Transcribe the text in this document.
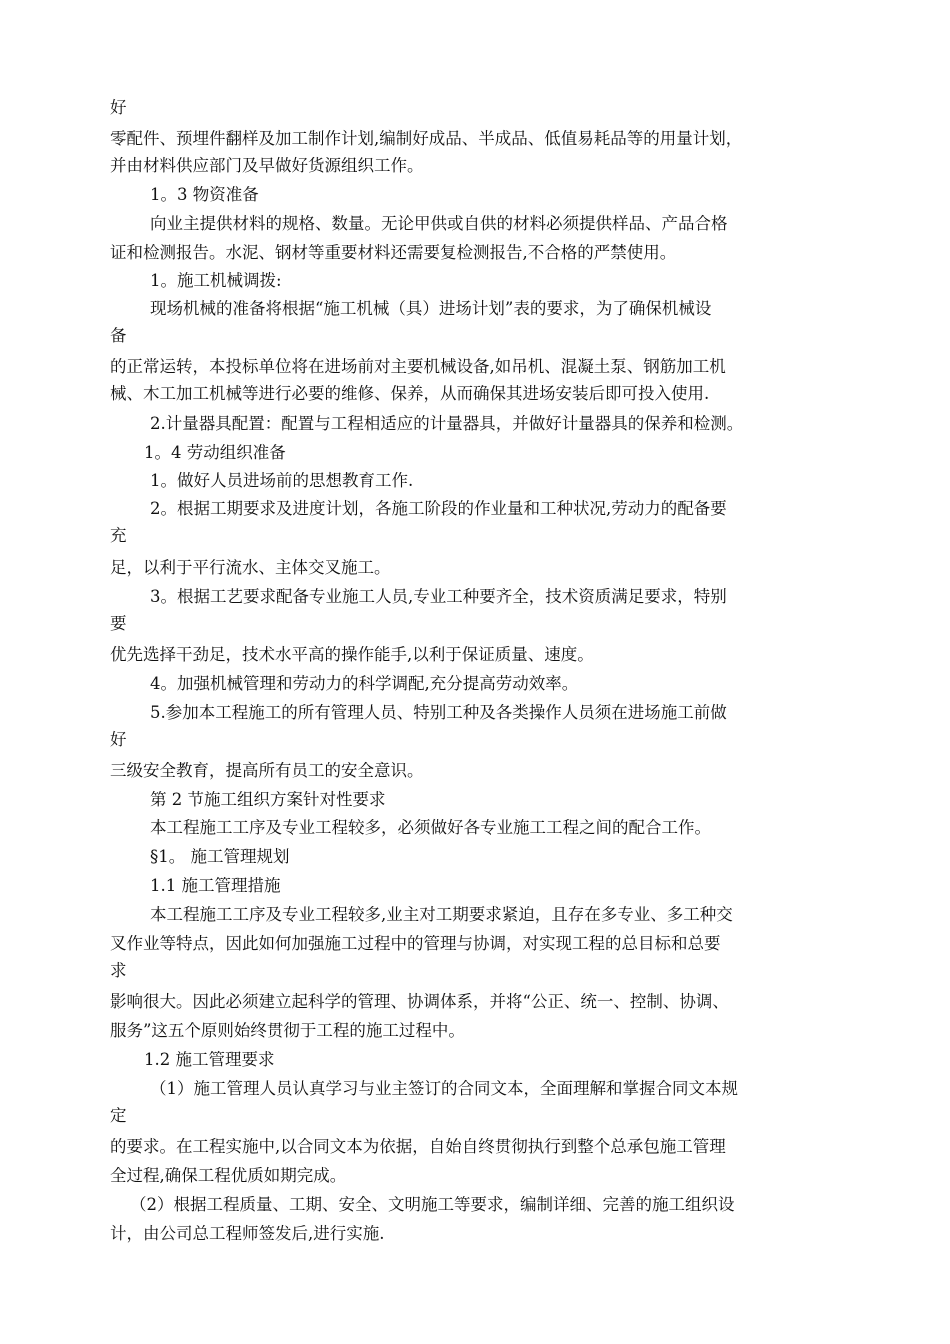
好

零配件、预埋件翻样及加工制作计划,编制好成品、半成品、低值易耗品等的用量计划，

并由材料供应部门及早做好货源组织工作。

1。3 物资准备

向业主提供材料的规格、数量。无论甲供或自供的材料必须提供样品、产品合格

证和检测报告。水泥、钢材等重要材料还需要复检测报告,不合格的严禁使用。

1。施工机械调拨:

现场机械的准备将根据“施工机械（具）进场计划”表的要求，为了确保机械设

备

的正常运转，本投标单位将在进场前对主要机械设备,如吊机、混凝土泵、钢筋加工机

械、木工加工机械等进行必要的维修、保养，从而确保其进场安装后即可投入使用.

2.计量器具配置：配置与工程相适应的计量器具，并做好计量器具的保养和检测。

1。4 劳动组织准备

1。做好人员进场前的思想教育工作.

2。根据工期要求及进度计划，各施工阶段的作业量和工种状况,劳动力的配备要

充

足，以利于平行流水、主体交叉施工。

3。根据工艺要求配备专业施工人员,专业工种要齐全，技术资质满足要求，特别

要

优先选择干劲足，技术水平高的操作能手,以利于保证质量、速度。

4。加强机械管理和劳动力的科学调配,充分提高劳动效率。

5.参加本工程施工的所有管理人员、特别工种及各类操作人员须在进场施工前做

好

三级安全教育，提高所有员工的安全意识。

第 2 节施工组织方案针对性要求

本工程施工工序及专业工程较多，必须做好各专业施工工程之间的配合工作。

§1。 施工管理规划

1.1 施工管理措施

本工程施工工序及专业工程较多,业主对工期要求紧迫，且存在多专业、多工种交

叉作业等特点，因此如何加强施工过程中的管理与协调，对实现工程的总目标和总要

求

影响很大。因此必须建立起科学的管理、协调体系，并将“公正、统一、控制、协调、

服务”这五个原则始终贯彻于工程的施工过程中。

1.2 施工管理要求

（1）施工管理人员认真学习与业主签订的合同文本，全面理解和掌握合同文本规

定

的要求。在工程实施中,以合同文本为依据，自始自终贯彻执行到整个总承包施工管理

全过程,确保工程优质如期完成。

（2）根据工程质量、工期、安全、文明施工等要求，编制详细、完善的施工组织设

计，由公司总工程师签发后,进行实施.
